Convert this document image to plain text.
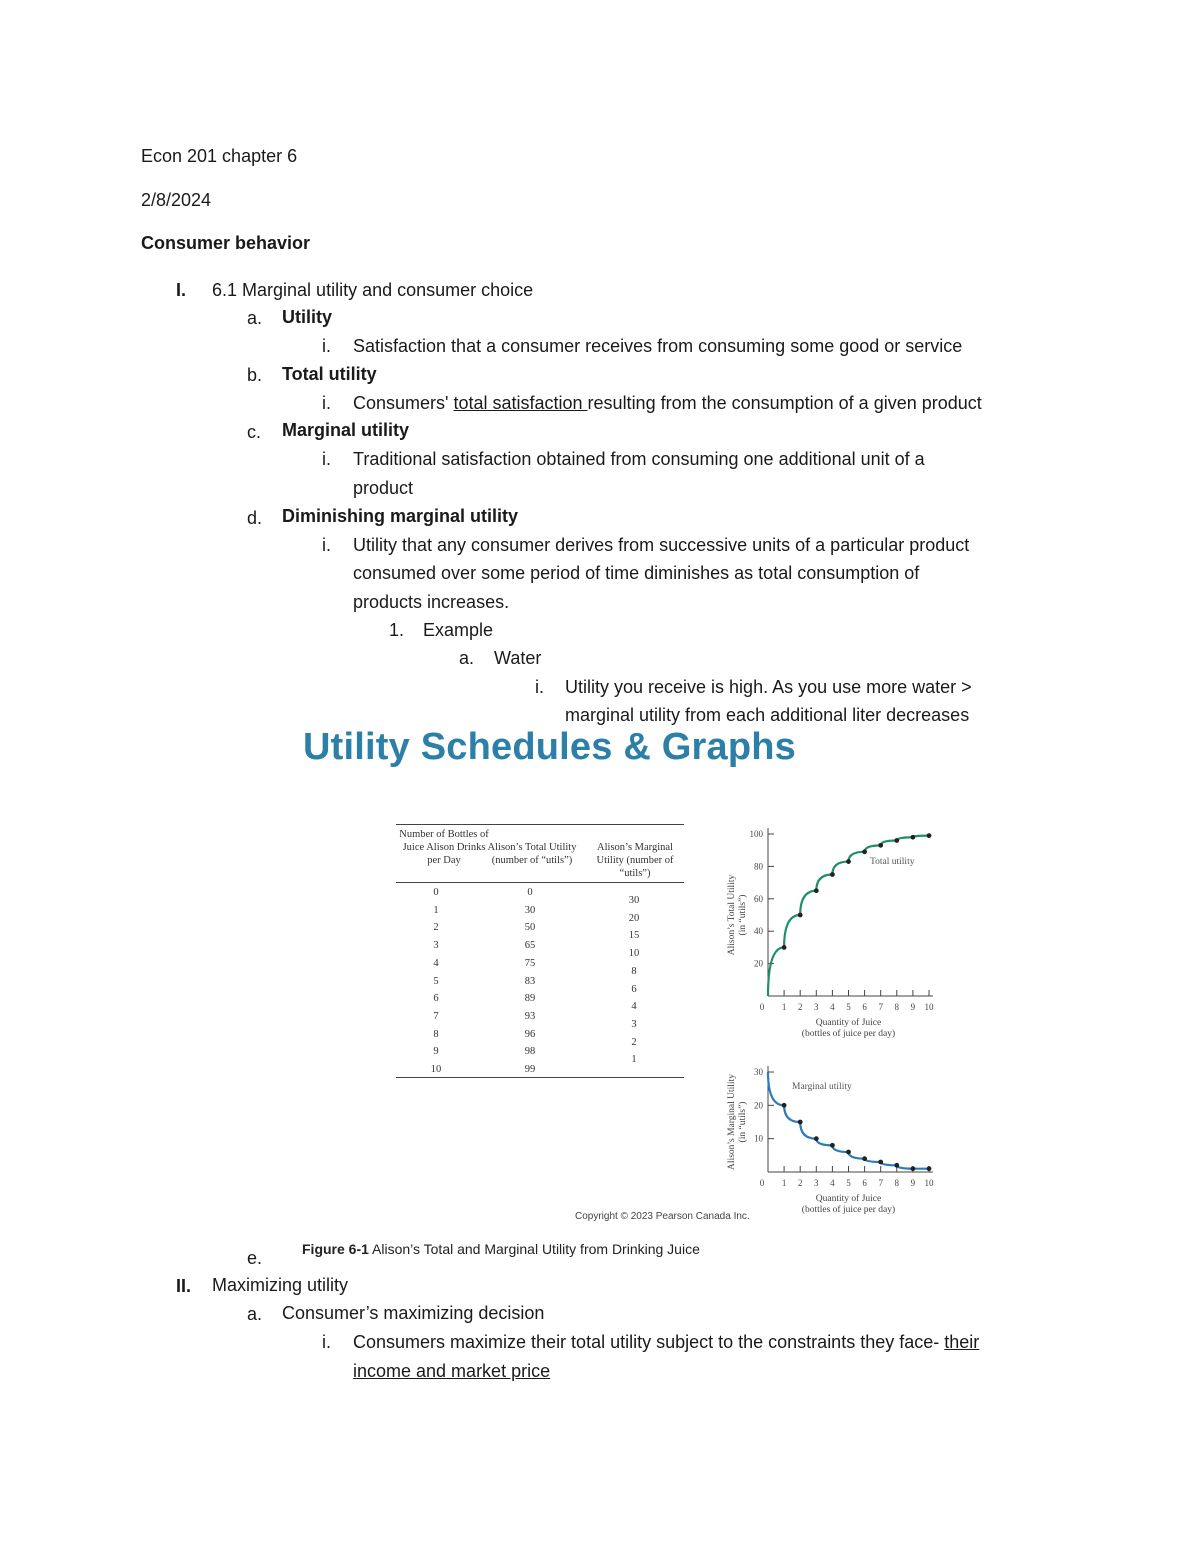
Econ 201 chapter 6
2/8/2024
Consumer behavior
I. 6.1 Marginal utility and consumer choice
a. Utility
i. Satisfaction that a consumer receives from consuming some good or service
b. Total utility
i. Consumers' total satisfaction resulting from the consumption of a given product
c. Marginal utility
i. Traditional satisfaction obtained from consuming one additional unit of a
product
d. Diminishing marginal utility
i. Utility that any consumer derives from successive units of a particular product
consumed over some period of time diminishes as total consumption of
products increases.
1. Example
a. Water
i. Utility you receive is high. As you use more water >
marginal utility from each additional liter decreases
Utility Schedules & Graphs
Number of Bottles of Juice Alison Drinks per Day
Alison’s Total Utility (number of “utils”)
Alison’s Marginal Utility (number of “utils”)
0
1
2
3
4
5
6
7
8
9
10
0
30
50
65
75
83
89
93
96
98
99
30
20
15
10
8
6
4
3
2
1
0 1 2 3 4 5 6 7 8 9 10
20
40
60
80
100
Total utility
Quantity of Juice
(bottles of juice per day)
Alison’s Total Utility (in “utils”)
0 1 2 3 4 5 6 7 8 9 10
10
20
30
Marginal utility
Quantity of Juice
(bottles of juice per day)
Alison’s Marginal Utility (in “utils”)
Copyright © 2023 Pearson Canada Inc.
e.	Figure 6-1 Alison’s Total and Marginal Utility from Drinking Juice
II. Maximizing utility
a. Consumer’s maximizing decision
i. Consumers maximize their total utility subject to the constraints they face- their
income and market price
